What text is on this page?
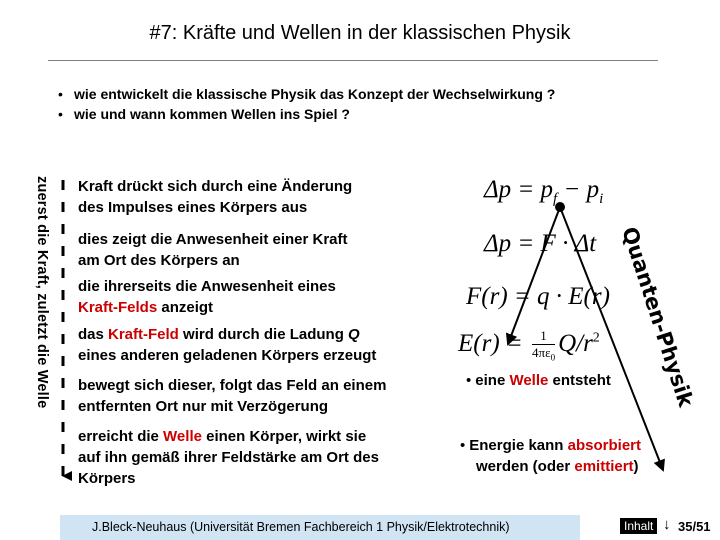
#7: Kräfte und Wellen in der klassischen Physik
• wie entwickelt die klassische Physik das Konzept der Wechselwirkung ?
• wie und wann kommen Wellen ins Spiel ?
zuerst die Kraft, zuletzt die Welle Kraft drückt sich durch eine Änderung
des Impulses eines Körpers aus
dies zeigt die Anwesenheit einer Kraft
am Ort des Körpers an
die ihrerseits die Anwesenheit eines
Kraft-Felds anzeigt
das Kraft-Feld wird durch die Ladung Q
eines anderen geladenen Körpers erzeugt
bewegt sich dieser, folgt das Feld an einem
entfernten Ort nur mit Verzögerung
erreicht die Welle einen Körper, wirkt sie
auf ihn gemäß ihrer Feldstärke am Ort des
Körpers
$\Delta p = p_f - p_i$
Δp = F · Δt
F(r) = q · E(r)
$E(r) = \frac{1}{4\pi\varepsilon_0} Q/r^2$ Quanten-Physik
• eine Welle entsteht
• Energie kann absorbiert
werden (oder emittiert)
J.Bleck-Neuhaus (Universität Bremen Fachbereich 1 Physik/Elektrotechnik)	Inhalt ↓ 35/51
